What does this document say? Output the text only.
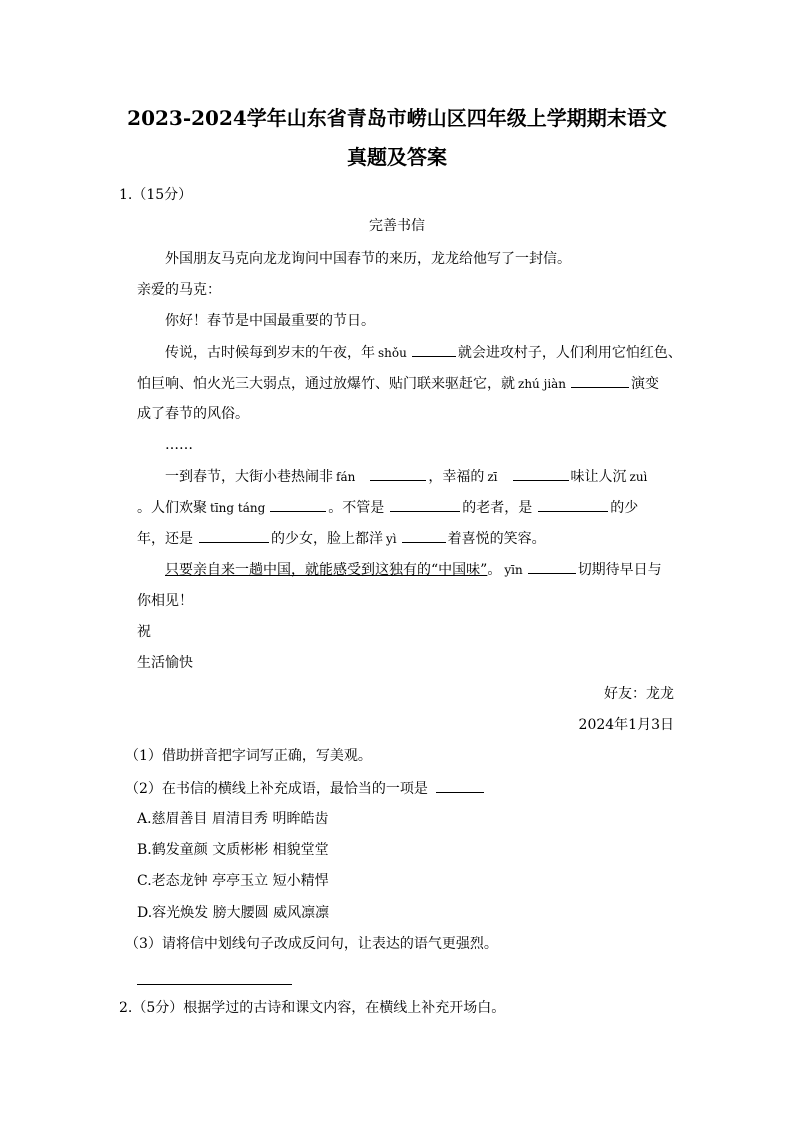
2023-2024学年山东省青岛市崂山区四年级上学期期末语文
真题及答案
1.（15分）
完善书信
外国朋友马克向龙龙询问中国春节的来历，龙龙给他写了一封信。
亲爱的马克：
你好！春节是中国最重要的节日。
传说，古时候每到岁末的午夜，年 shǒu	就会进攻村子，人们利用它怕红色、
怕巨响、怕火光三大弱点，通过放爆竹、贴门联来驱赶它，就 zhú jiàn	演变
成了春节的风俗。
……
一到春节，大街小巷热闹非 fán	，幸福的 zī	味让人沉 zuì
。人们欢聚 tīng táng	。不管是	的老者，是	的少
年，还是	的少女，脸上都洋 yì	着喜悦的笑容。
只要亲自来一趟中国，就能感受到这独有的“中国味”。 yīn	切期待早日与
你相见！
祝
生活愉快
好友：龙龙
2024年1月3日
（1）借助拼音把字词写正确，写美观。
（2）在书信的横线上补充成语，最恰当的一项是
A.慈眉善目 眉清目秀 明眸皓齿
B.鹤发童颜 文质彬彬 相貌堂堂
C.老态龙钟 亭亭玉立 短小精悍
D.容光焕发 膀大腰圆 威风凛凛
（3）请将信中划线句子改成反问句，让表达的语气更强烈。
2.（5分）根据学过的古诗和课文内容，在横线上补充开场白。
